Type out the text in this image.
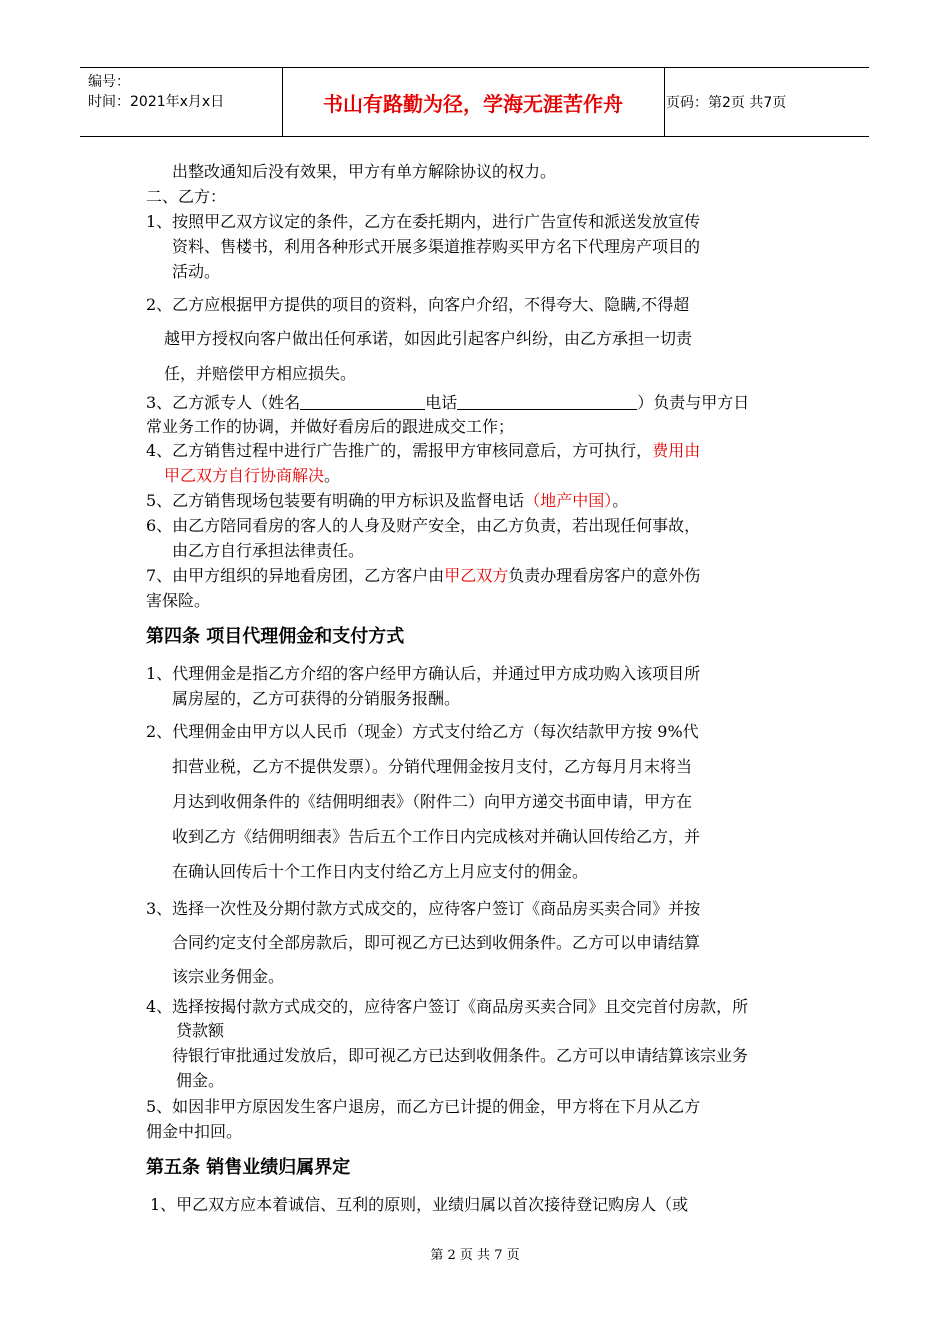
编号：
时间：2021年x月x日	书山有路勤为径，学海无涯苦作舟	页码：第2页 共7页
出整改通知后没有效果，甲方有单方解除协议的权力。
二、乙方：
1、按照甲乙双方议定的条件，乙方在委托期内，进行广告宣传和派送发放宣传
资料、售楼书，利用各种形式开展多渠道推荐购买甲方名下代理房产项目的
活动。
2、乙方应根据甲方提供的项目的资料，向客户介绍，不得夸大、隐瞒,不得超
越甲方授权向客户做出任何承诺，如因此引起客户纠纷，由乙方承担一切责
任，并赔偿甲方相应损失。
3、乙方派专人（姓名	电话	）负责与甲方日
常业务工作的协调，并做好看房后的跟进成交工作；
4、乙方销售过程中进行广告推广的，需报甲方审核同意后，方可执行，费用由
甲乙双方自行协商解决。
5、乙方销售现场包装要有明确的甲方标识及监督电话（地产中国）。
6、由乙方陪同看房的客人的人身及财产安全，由乙方负责，若出现任何事故，
由乙方自行承担法律责任。
7、由甲方组织的异地看房团，乙方客户由甲乙双方负责办理看房客户的意外伤
害保险。
第四条 项目代理佣金和支付方式
1、代理佣金是指乙方介绍的客户经甲方确认后，并通过甲方成功购入该项目所
属房屋的，乙方可获得的分销服务报酬。
2、代理佣金由甲方以人民币（现金）方式支付给乙方（每次结款甲方按 9%代
扣营业税，乙方不提供发票）。分销代理佣金按月支付，乙方每月月末将当
月达到收佣条件的《结佣明细表》（附件二）向甲方递交书面申请，甲方在
收到乙方《结佣明细表》告后五个工作日内完成核对并确认回传给乙方，并
在确认回传后十个工作日内支付给乙方上月应支付的佣金。
3、选择一次性及分期付款方式成交的，应待客户签订《商品房买卖合同》并按
合同约定支付全部房款后，即可视乙方已达到收佣条件。乙方可以申请结算
该宗业务佣金。
4、选择按揭付款方式成交的，应待客户签订《商品房买卖合同》且交完首付房款，所
贷款额
待银行审批通过发放后，即可视乙方已达到收佣条件。乙方可以申请结算该宗业务
佣金。
5、如因非甲方原因发生客户退房，而乙方已计提的佣金，甲方将在下月从乙方
佣金中扣回。
第五条 销售业绩归属界定
1、甲乙双方应本着诚信、互利的原则，业绩归属以首次接待登记购房人（或
第 2 页 共 7 页
